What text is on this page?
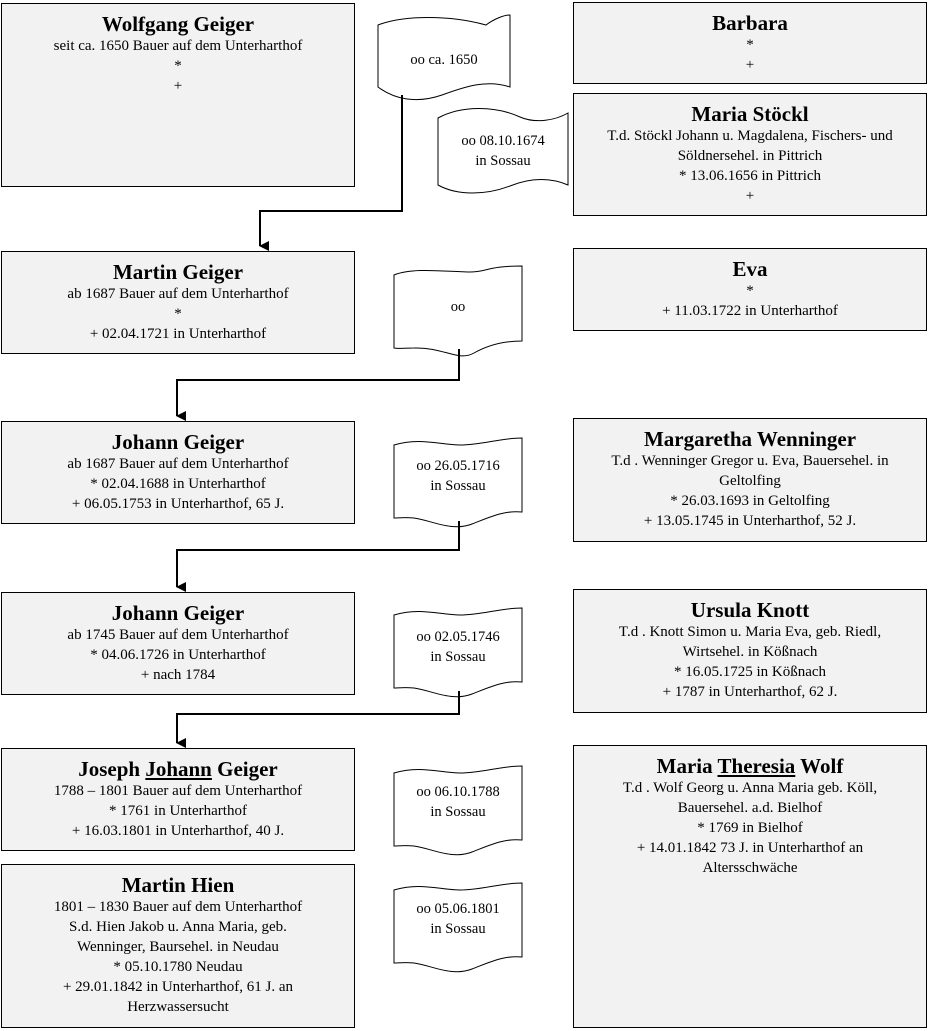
Wolfgang Geiger
seit ca. 1650 Bauer auf dem Unterharthof
*
+
Martin Geiger
ab 1687 Bauer auf dem Unterharthof
*
+ 02.04.1721 in Unterharthof
Johann Geiger
ab 1687 Bauer auf dem Unterharthof
* 02.04.1688 in Unterharthof
+ 06.05.1753 in Unterharthof, 65 J.
Johann Geiger
ab 1745 Bauer auf dem Unterharthof
* 04.06.1726 in Unterharthof
+ nach 1784
Joseph Johann Geiger
1788 – 1801 Bauer auf dem Unterharthof
* 1761 in Unterharthof
+ 16.03.1801 in Unterharthof, 40 J.
Martin Hien
1801 – 1830 Bauer auf dem Unterharthof
S.d. Hien Jakob u. Anna Maria, geb.
Wenninger, Baursehel. in Neudau
* 05.10.1780 Neudau
+ 29.01.1842 in Unterharthof, 61 J. an
Herzwassersucht
Barbara
*
+
Maria Stöckl
T.d. Stöckl Johann u. Magdalena, Fischers- und
Söldnersehel. in Pittrich
* 13.06.1656 in Pittrich
+
Eva
*
+ 11.03.1722 in Unterharthof
Margaretha Wenninger
T.d . Wenninger Gregor u. Eva, Bauersehel. in
Geltolfing
* 26.03.1693 in Geltolfing
+ 13.05.1745 in Unterharthof, 52 J.
Ursula Knott
T.d . Knott Simon u. Maria Eva, geb. Riedl,
Wirtsehel. in Kößnach
* 16.05.1725 in Kößnach
+ 1787 in Unterharthof, 62 J.
Maria Theresia Wolf
T.d . Wolf Georg u. Anna Maria geb. Köll,
Bauersehel. a.d. Bielhof
* 1769 in Bielhof
+ 14.01.1842 73 J. in Unterharthof an
Altersschwäche
oo ca. 1650
oo 08.10.1674
in Sossau
oo
oo 26.05.1716
in Sossau
oo 02.05.1746
in Sossau
oo 06.10.1788
in Sossau
oo 05.06.1801
in Sossau
